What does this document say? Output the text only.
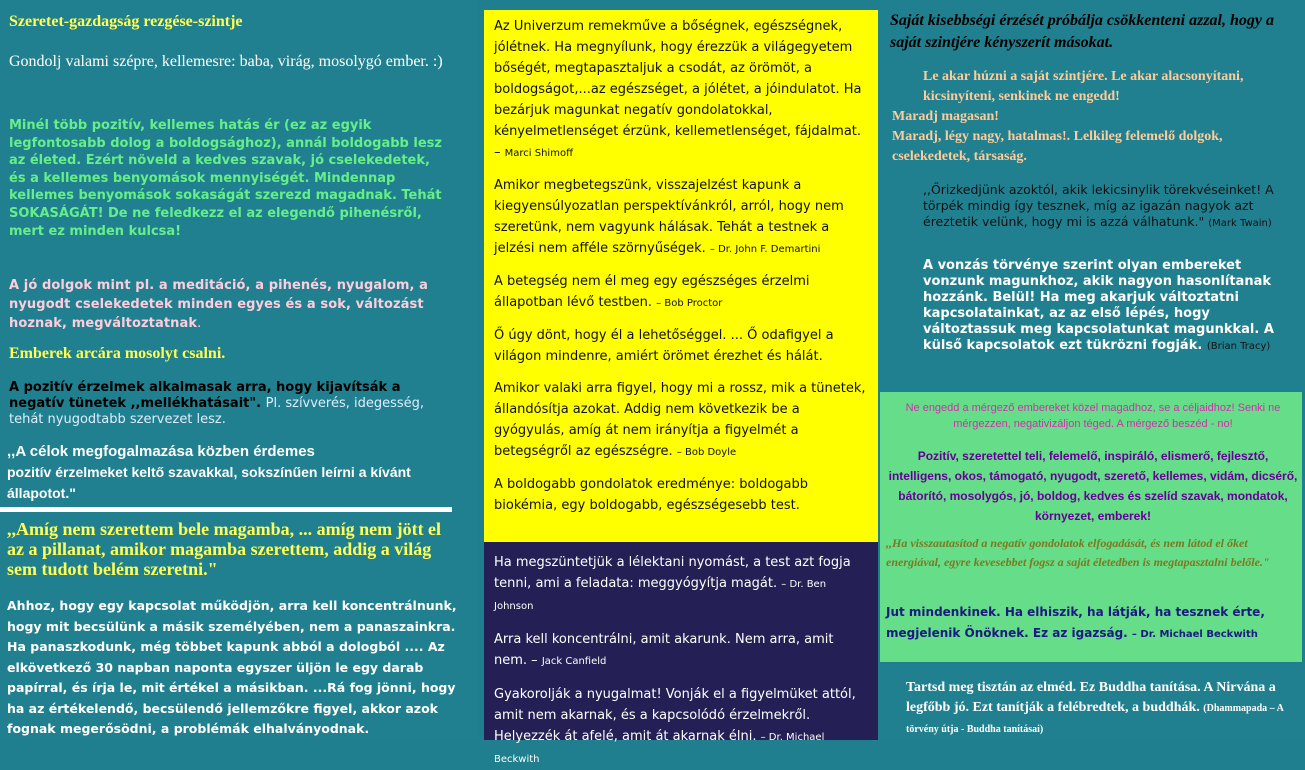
Szeretet-gazdagság rezgése-szintje

Gondolj valami szépre, kellemesre: baba, virág, mosolygó ember. :)

Minél több pozitív, kellemes hatás ér (ez az egyik legfontosabb dolog a boldogsághoz), annál boldogabb lesz az életed. Ezért növeld a kedves szavak, jó cselekedetek, és a kellemes benyomások mennyiségét. Mindennap kellemes benyomások sokaságát szerezd magadnak. Tehát SOKASÁGÁT! De ne feledkezz el az elegendő pihenésről, mert ez minden kulcsa!

A jó dolgok mint pl. a meditáció, a pihenés, nyugalom, a nyugodt cselekedetek minden egyes és a sok, változást hoznak, megváltoztatnak.

Emberek arcára mosolyt csalni.

A pozitív érzelmek alkalmasak arra, hogy kijavítsák a negatív tünetek ,,mellékhatásait". Pl. szívverés, idegesség, tehát nyugodtabb szervezet lesz.

,,A célok megfogalmazása közben érdemes
pozitív érzelmeket keltő szavakkal, sokszínűen leírni a kívánt állapotot."

,,Amíg nem szerettem bele magamba, ... amíg nem jött el az a pillanat, amikor magamba szerettem, addig a világ sem tudott belém szeretni."

Ahhoz, hogy egy kapcsolat működjön, arra kell koncentrálnunk, hogy mit becsülünk a másik személyében, nem a panaszainkra. Ha panaszkodunk, még többet kapunk abból a dologból .... Az elkövetkező 30 napban naponta egyszer üljön le egy darab papírral, és írja le, mit értékel a másikban. ...Rá fog jönni, hogy ha az értékelendő, becsülendő jellemzőkre figyel, akkor azok fognak megerősödni, a problémák elhalványodnak.

Az Univerzum remekműve a bőségnek, egészségnek, jólétnek. Ha megnyílunk, hogy érezzük a világegyetem bőségét, megtapasztaljuk a csodát, az örömöt, a boldogságot,...az egészséget, a jólétet, a jóindulatot. Ha bezárjuk magunkat negatív gondolatokkal, kényelmetlenséget érzünk, kellemetlenséget, fájdalmat. – Marci Shimoff

Amikor megbetegszünk, visszajelzést kapunk a kiegyensúlyozatlan perspektívánkról, arról, hogy nem szeretünk, nem vagyunk hálásak. Tehát a testnek a jelzési nem afféle szörnyűségek. – Dr. John F. Demartini

A betegség nem él meg egy egészséges érzelmi állapotban lévő testben. – Bob Proctor

Ő úgy dönt, hogy él a lehetőséggel. ... Ő odafigyel a világon mindenre, amiért örömet érezhet és hálát.

Amikor valaki arra figyel, hogy mi a rossz, mik a tünetek, állandósítja azokat. Addig nem következik be a gyógyulás, amíg át nem irányítja a figyelmét a betegségről az egészségre. – Bob Doyle

A boldogabb gondolatok eredménye: boldogabb biokémia, egy boldogabb, egészségesebb test.

Ha megszüntetjük a lélektani nyomást, a test azt fogja tenni, ami a feladata: meggyógyítja magát. – Dr. Ben Johnson

Arra kell koncentrálni, amit akarunk. Nem arra, amit nem. – Jack Canfield

Gyakorolják a nyugalmat! Vonják el a figyelmüket attól, amit nem akarnak, és a kapcsolódó érzelmekről. Helyezzék át afelé, amit át akarnak élni. – Dr. Michael Beckwith

Saját kisebbségi érzését próbálja csökkenteni azzal, hogy a saját szintjére kényszerít másokat.

Le akar húzni a saját szintjére. Le akar alacsonyítani, kicsinyíteni, senkinek ne engedd!

Maradj magasan!
Maradj, légy nagy, hatalmas!. Lelkileg felemelő dolgok, cselekedetek, társaság.

,,Őrizkedjünk azoktól, akik lekicsinylik törekvéseinket! A törpék mindig így tesznek, míg az igazán nagyok azt éreztetik velünk, hogy mi is azzá válhatunk." (Mark Twain)

A vonzás törvénye szerint olyan embereket vonzunk magunkhoz, akik nagyon hasonlítanak hozzánk. Belül! Ha meg akarjuk változtatni kapcsolatainkat, az az első lépés, hogy változtassuk meg kapcsolatunkat magunkkal. A külső kapcsolatok ezt tükrözni fogják. (Brian Tracy)

Ne engedd a mérgező embereket közel magadhoz, se a céljaidhoz! Senki ne mérgezzen, negativizáljon téged. A mérgező beszéd - no!

Pozitív, szeretettel teli, felemelő, inspiráló, elismerő, fejlesztő, intelligens, okos, támogató, nyugodt, szerető, kellemes, vidám, dicsérő, bátorító, mosolygós, jó, boldog, kedves és szelíd szavak, mondatok, környezet, emberek!

,,Ha visszautasítod a negatív gondolatok elfogadását, és nem látod el őket energiával, egyre kevesebbet fogsz a saját életedben is megtapasztalni belőle."

Jut mindenkinek. Ha elhiszik, ha látják, ha tesznek érte, megjelenik Önöknek. Ez az igazság. – Dr. Michael Beckwith

Tartsd meg tisztán az elméd. Ez Buddha tanítása. A Nirvána a legfőbb jó. Ezt tanítják a felébredtek, a buddhák. (Dhammapada – A törvény útja - Buddha tanításai)
